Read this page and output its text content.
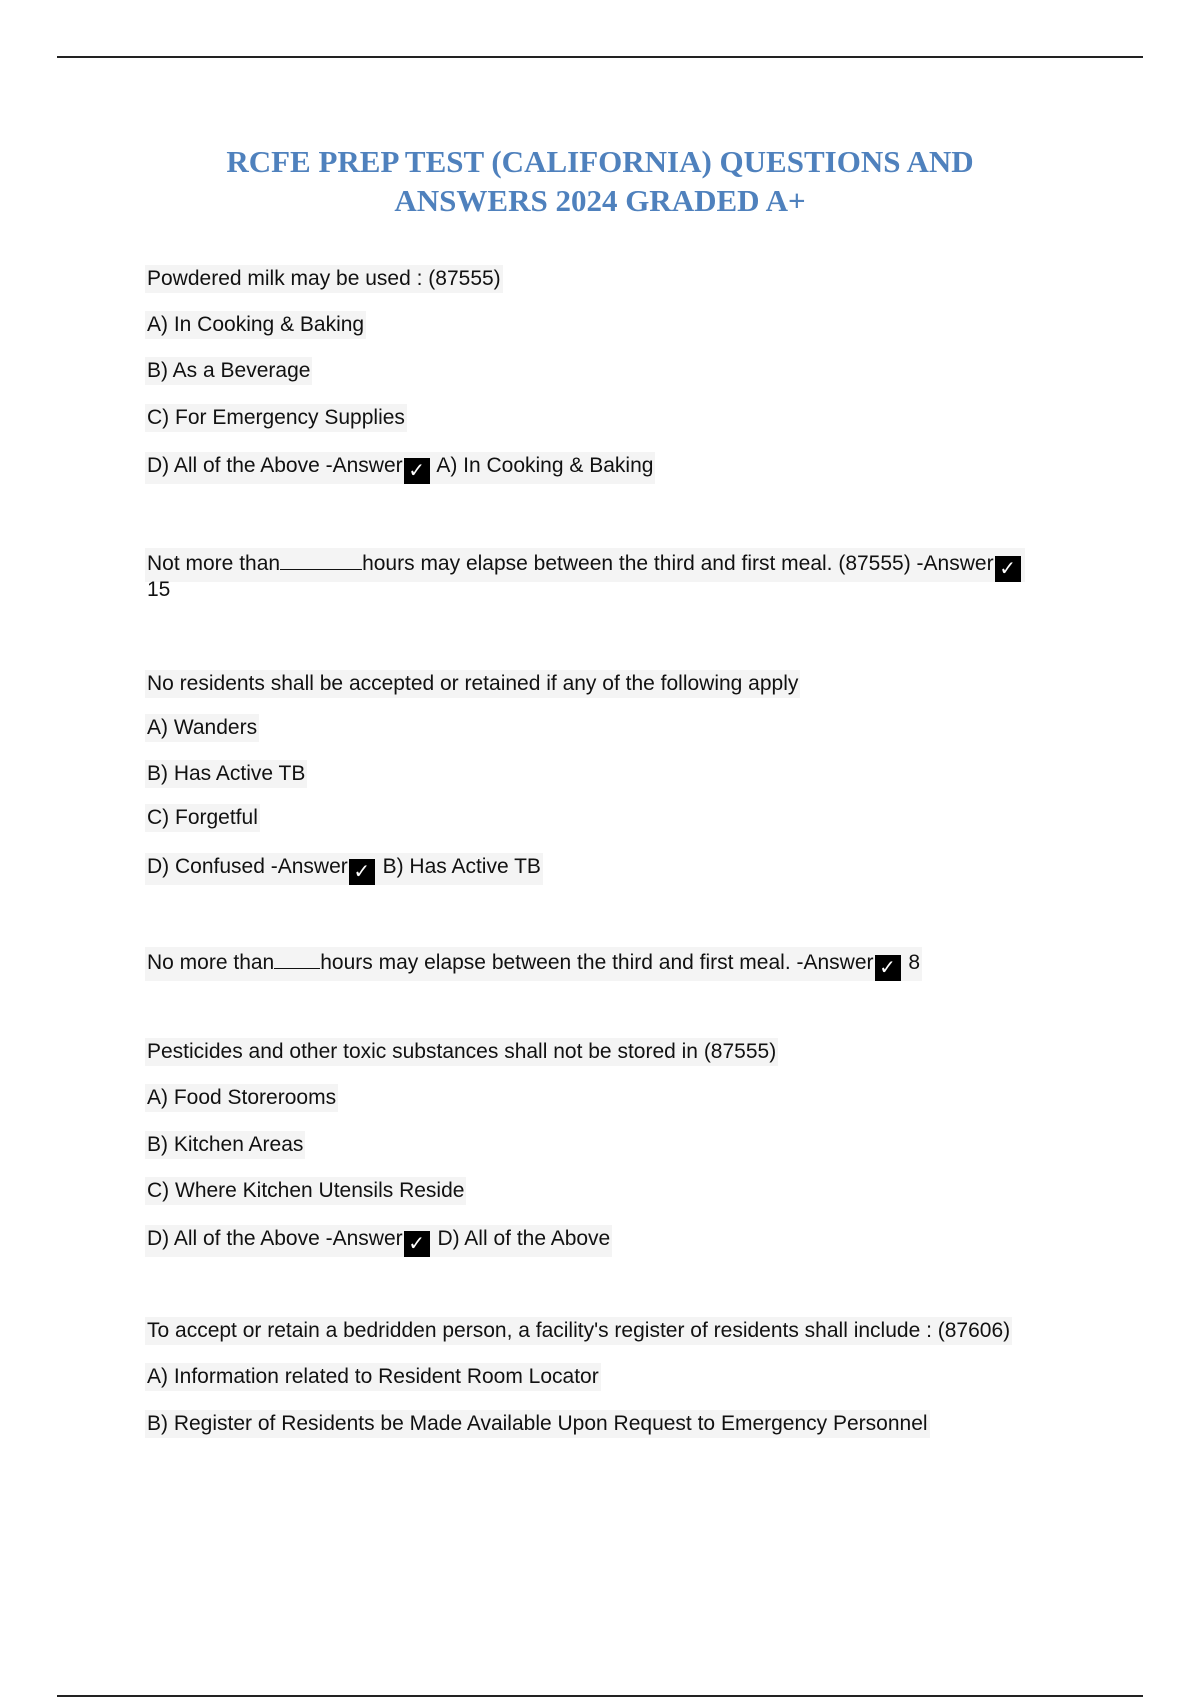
RCFE PREP TEST (CALIFORNIA) QUESTIONS AND
ANSWERS 2024 GRADED A+
Powdered milk may be used : (87555)
A) In Cooking & Baking
B) As a Beverage
C) For Emergency Supplies
D) All of the Above -Answer ✓ A) In Cooking & Baking
Not more than	hours may elapse between the third and first meal. (87555) -Answer ✓
15
No residents shall be accepted or retained if any of the following apply
A) Wanders
B) Has Active TB
C) Forgetful
D) Confused -Answer ✓ B) Has Active TB
No more than hours may elapse between the third and first meal. -Answer ✓ 8
Pesticides and other toxic substances shall not be stored in (87555)
A) Food Storerooms
B) Kitchen Areas
C) Where Kitchen Utensils Reside
D) All of the Above -Answer ✓ D) All of the Above
To accept or retain a bedridden person, a facility's register of residents shall include : (87606)
A) Information related to Resident Room Locator
B) Register of Residents be Made Available Upon Request to Emergency Personnel
